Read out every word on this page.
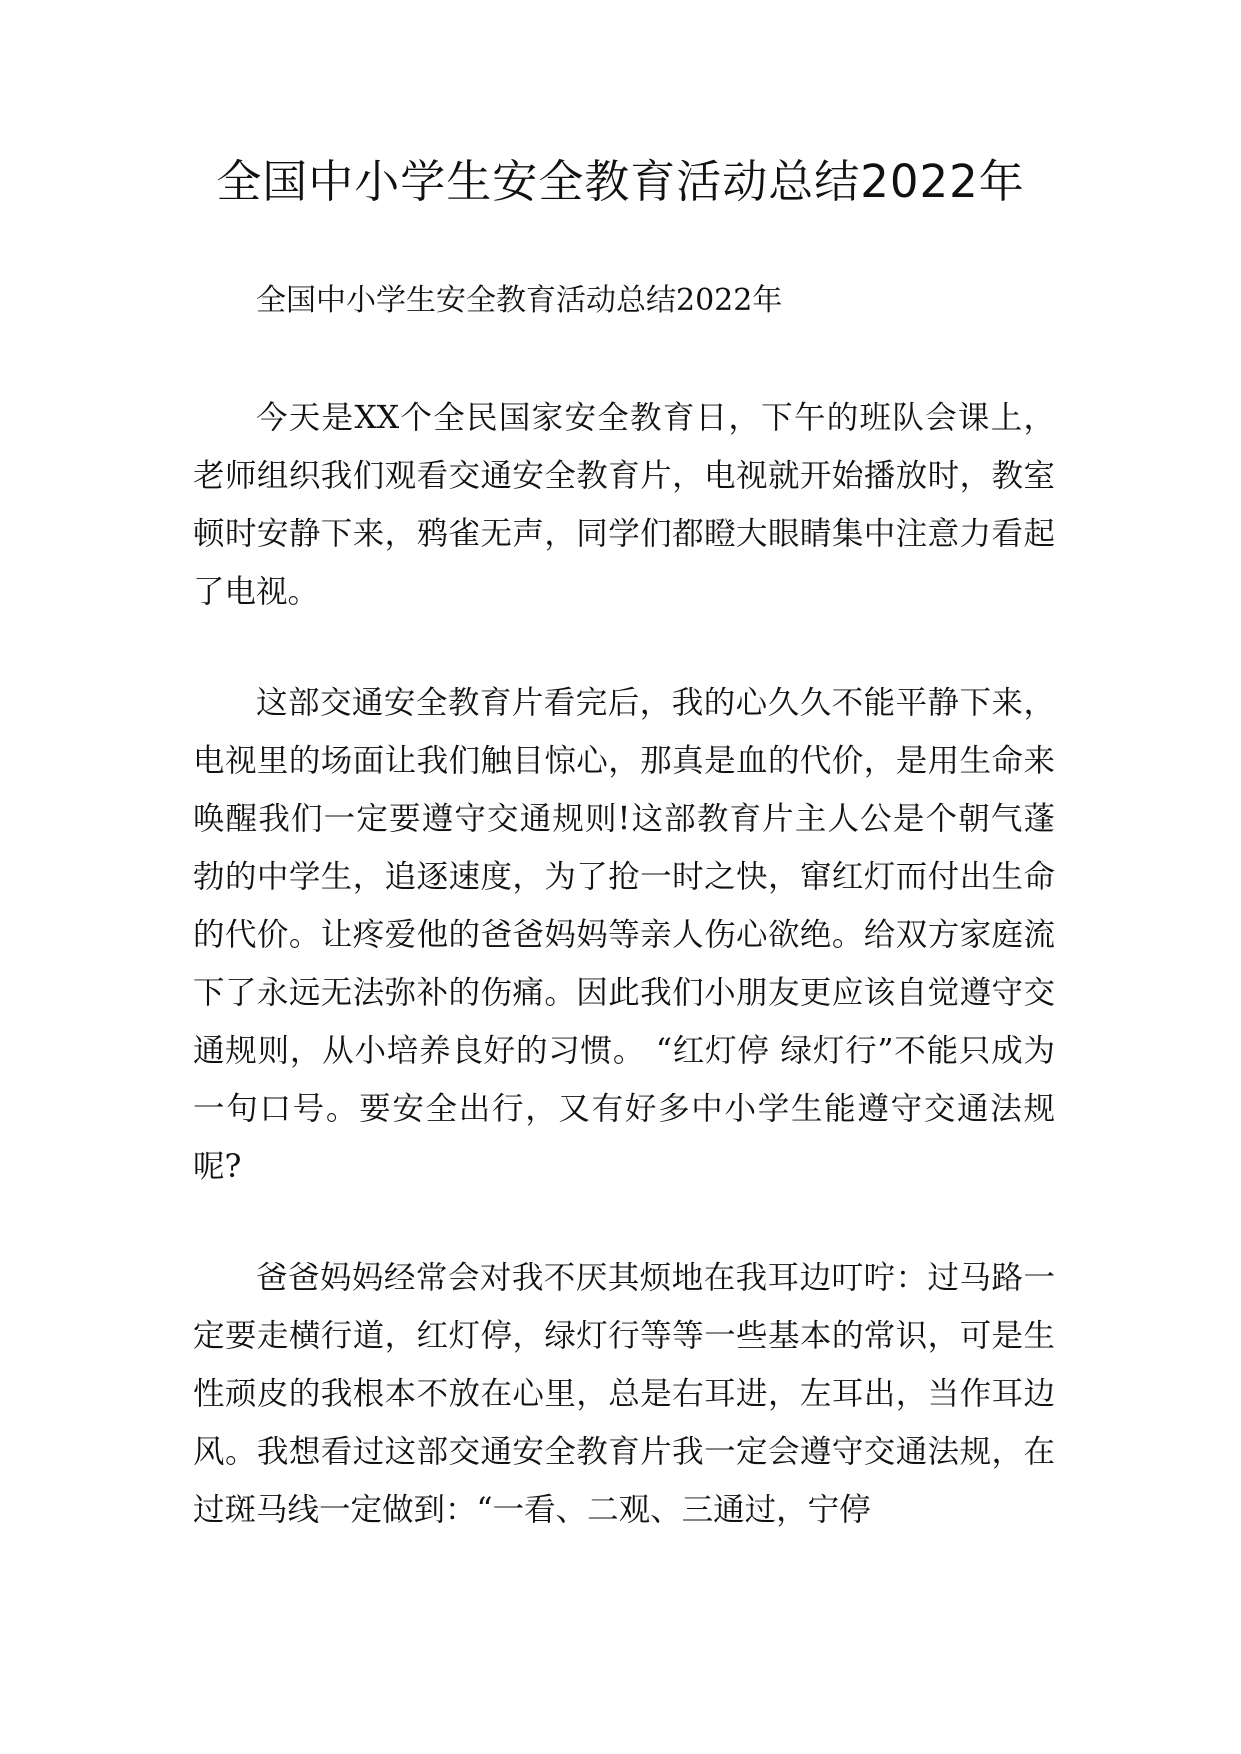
全国中小学生安全教育活动总结2022年

全国中小学生安全教育活动总结2022年

今天是XX个全民国家安全教育日，下午的班队会课上，老师组织我们观看交通安全教育片，电视就开始播放时，教室顿时安静下来，鸦雀无声，同学们都瞪大眼睛集中注意力看起了电视。

这部交通安全教育片看完后，我的心久久不能平静下来，电视里的场面让我们触目惊心，那真是血的代价，是用生命来唤醒我们一定要遵守交通规则!这部教育片主人公是个朝气蓬勃的中学生，追逐速度，为了抢一时之快，窜红灯而付出生命的代价。让疼爱他的爸爸妈妈等亲人伤心欲绝。给双方家庭流下了永远无法弥补的伤痛。因此我们小朋友更应该自觉遵守交通规则，从小培养良好的习惯。 “红灯停 绿灯行”不能只成为一句口号。要安全出行，又有好多中小学生能遵守交通法规呢?

爸爸妈妈经常会对我不厌其烦地在我耳边叮咛：过马路一定要走横行道，红灯停，绿灯行等等一些基本的常识，可是生性顽皮的我根本不放在心里，总是右耳进，左耳出，当作耳边风。我想看过这部交通安全教育片我一定会遵守交通法规，在过斑马线一定做到：“一看、二观、三通过，宁停
